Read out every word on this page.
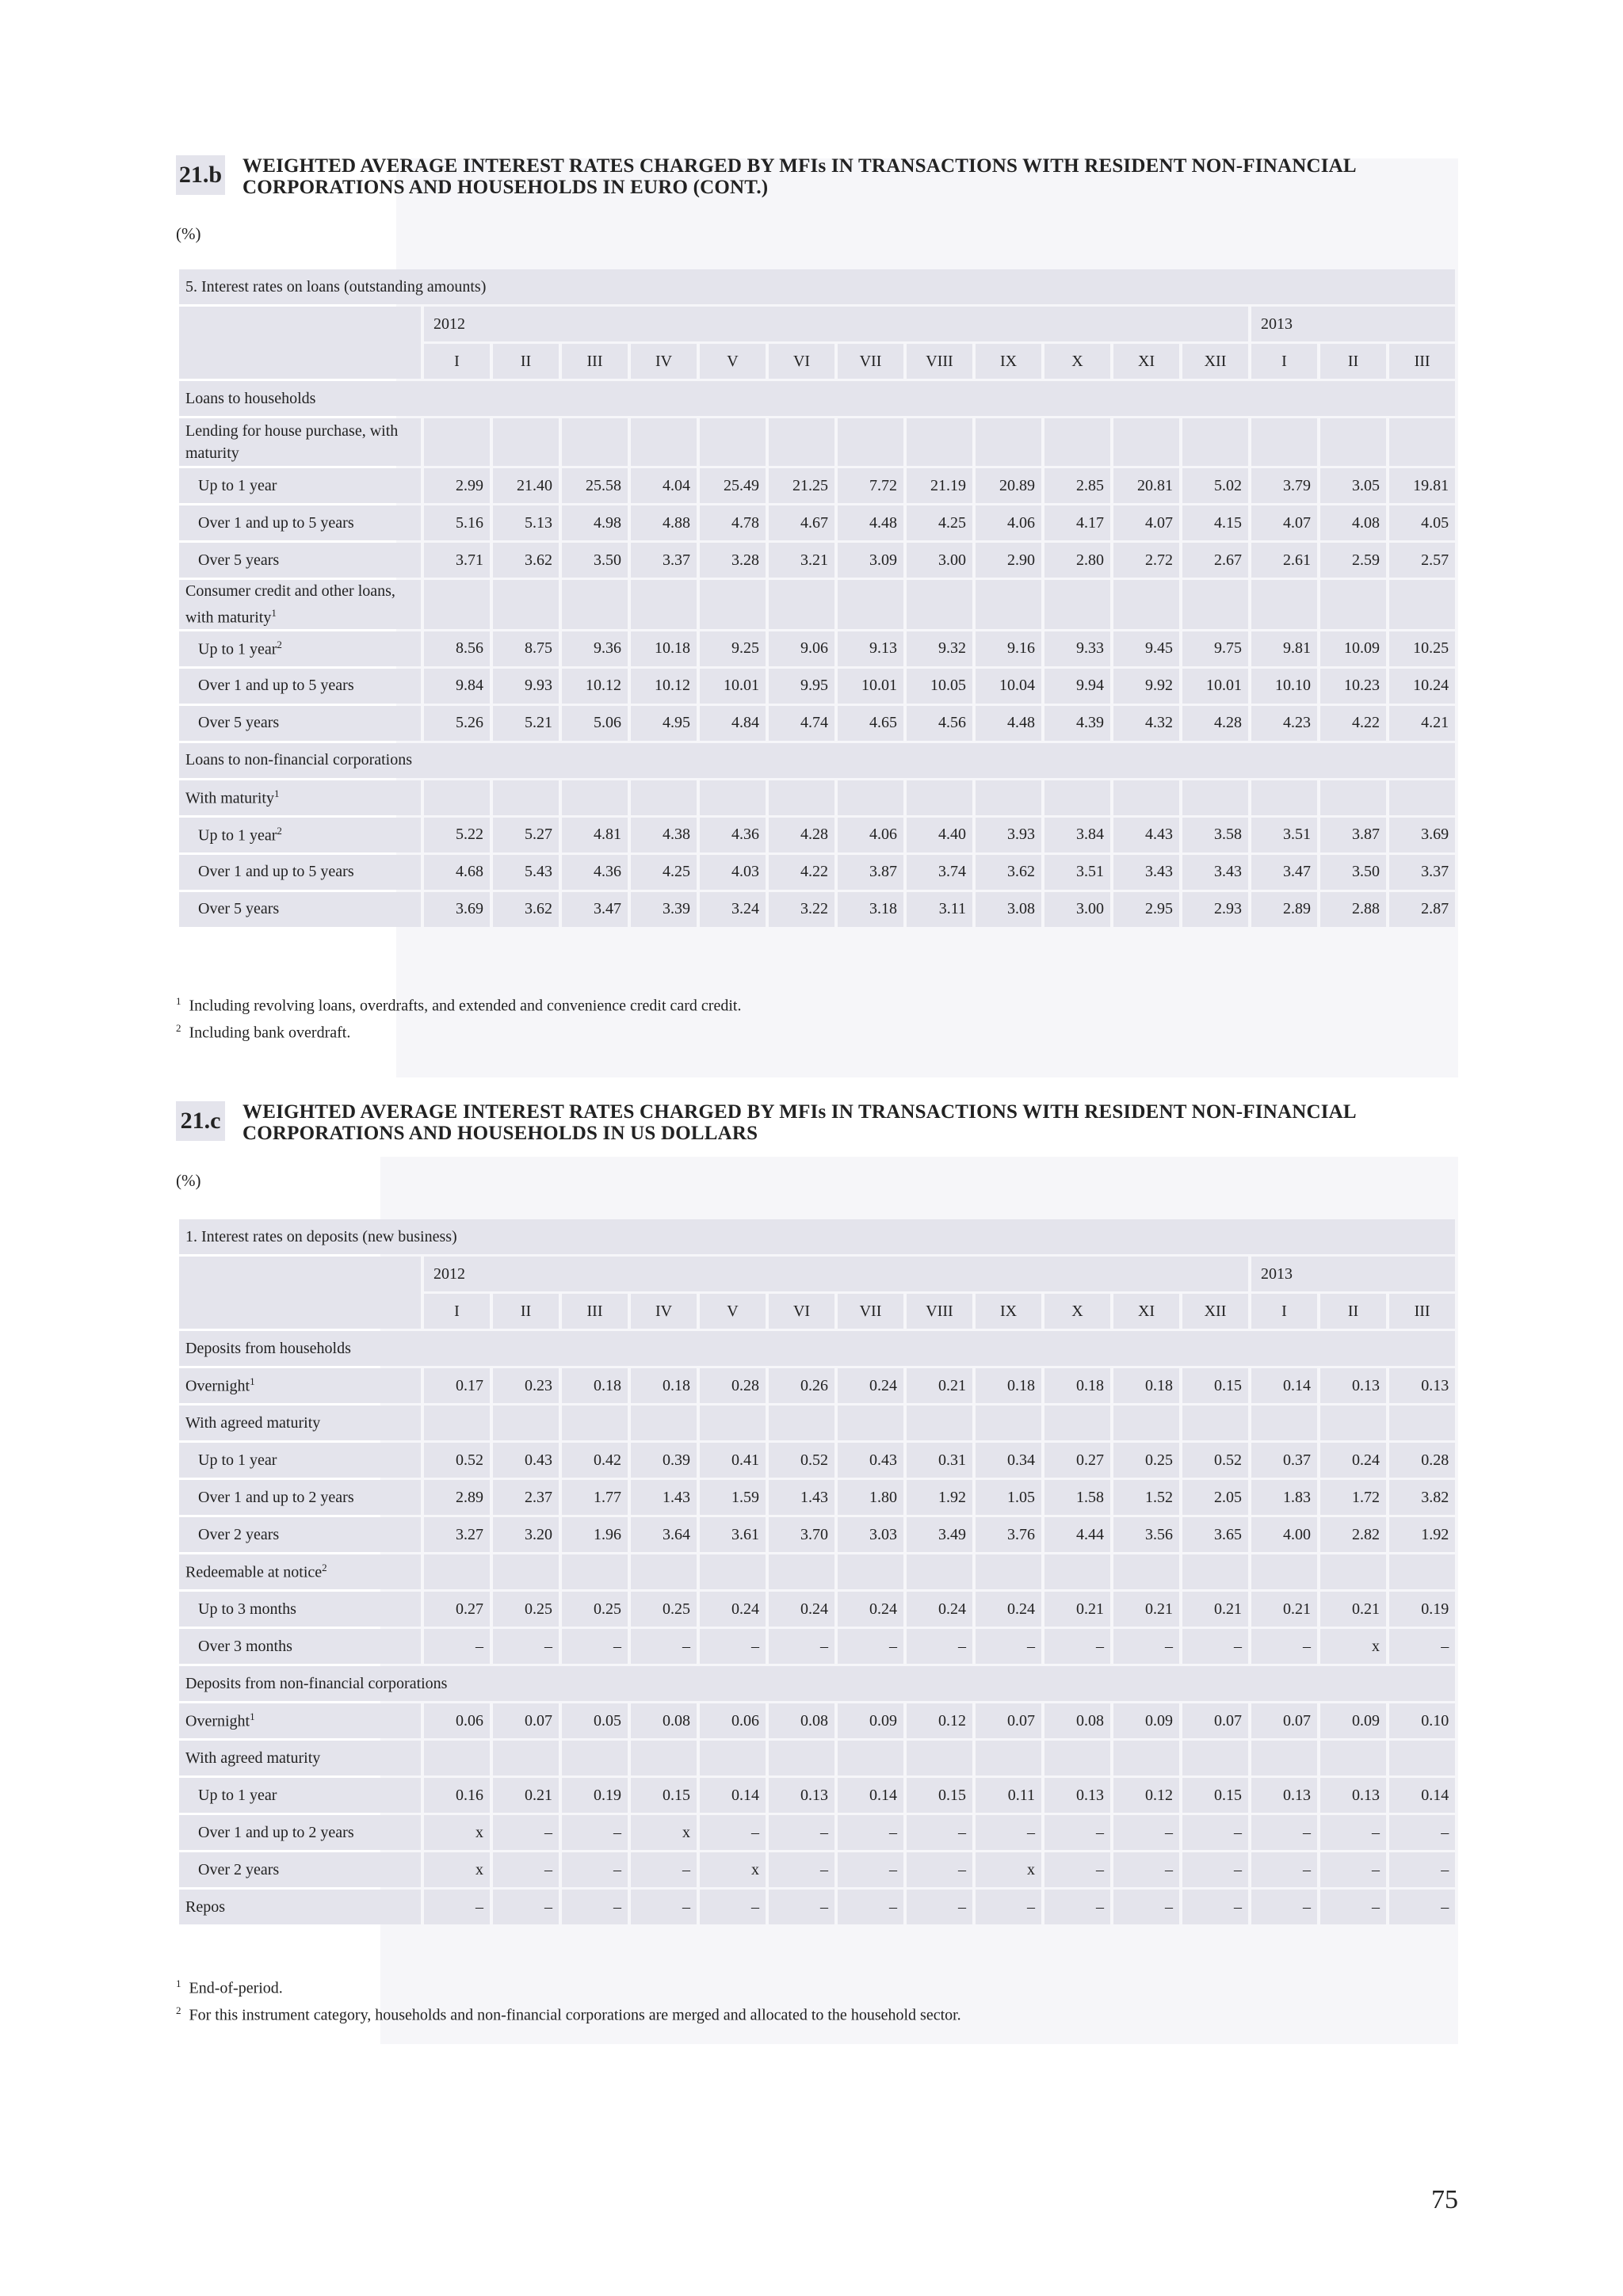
21.b WEIGHTED AVERAGE INTEREST RATES CHARGED BY MFIs IN TRANSACTIONS WITH RESIDENT NON-FINANCIAL
CORPORATIONS AND HOUSEHOLDS IN EURO (CONT.)
(%)
5. Interest rates on loans (outstanding amounts)															
	2012												2013		
	I	II	III	IV	V	VI	VII	VIII	IX	X	XI	XII	I	II	III
Loans to households															
Lending for house purchase, with maturity															
Up to 1 year	2.99	21.40	25.58	4.04	25.49	21.25	7.72	21.19	20.89	2.85	20.81	5.02	3.79	3.05	19.81
Over 1 and up to 5 years	5.16	5.13	4.98	4.88	4.78	4.67	4.48	4.25	4.06	4.17	4.07	4.15	4.07	4.08	4.05
Over 5 years	3.71	3.62	3.50	3.37	3.28	3.21	3.09	3.00	2.90	2.80	2.72	2.67	2.61	2.59	2.57
Consumer credit and other loans, with maturity$^1$															
Up to 1 year$^2$	8.56	8.75	9.36	10.18	9.25	9.06	9.13	9.32	9.16	9.33	9.45	9.75	9.81	10.09	10.25
Over 1 and up to 5 years	9.84	9.93	10.12	10.12	10.01	9.95	10.01	10.05	10.04	9.94	9.92	10.01	10.10	10.23	10.24
Over 5 years	5.26	5.21	5.06	4.95	4.84	4.74	4.65	4.56	4.48	4.39	4.32	4.28	4.23	4.22	4.21
Loans to non-financial corporations															
With maturity$^1$															
Up to 1 year$^2$	5.22	5.27	4.81	4.38	4.36	4.28	4.06	4.40	3.93	3.84	4.43	3.58	3.51	3.87	3.69
Over 1 and up to 5 years	4.68	5.43	4.36	4.25	4.03	4.22	3.87	3.74	3.62	3.51	3.43	3.43	3.47	3.50	3.37
Over 5 years	3.69	3.62	3.47	3.39	3.24	3.22	3.18	3.11	3.08	3.00	2.95	2.93	2.89	2.88	2.87
$^1$ Including revolving loans, overdrafts, and extended and convenience credit card credit.
$^2$ Including bank overdraft.
21.c WEIGHTED AVERAGE INTEREST RATES CHARGED BY MFIs IN TRANSACTIONS WITH RESIDENT NON-FINANCIAL
CORPORATIONS AND HOUSEHOLDS IN US DOLLARS
(%)
1. Interest rates on deposits (new business)															
	2012												2013		
	I	II	III	IV	V	VI	VII	VIII	IX	X	XI	XII	I	II	III
Deposits from households															
Overnight$^1$	0.17	0.23	0.18	0.18	0.28	0.26	0.24	0.21	0.18	0.18	0.18	0.15	0.14	0.13	0.13
With agreed maturity															
Up to 1 year	0.52	0.43	0.42	0.39	0.41	0.52	0.43	0.31	0.34	0.27	0.25	0.52	0.37	0.24	0.28
Over 1 and up to 2 years	2.89	2.37	1.77	1.43	1.59	1.43	1.80	1.92	1.05	1.58	1.52	2.05	1.83	1.72	3.82
Over 2 years	3.27	3.20	1.96	3.64	3.61	3.70	3.03	3.49	3.76	4.44	3.56	3.65	4.00	2.82	1.92
Redeemable at notice$^2$															
Up to 3 months	0.27	0.25	0.25	0.25	0.24	0.24	0.24	0.24	0.24	0.21	0.21	0.21	0.21	0.21	0.19
Over 3 months	–	–	–	–	–	–	–	–	–	–	–	–	–	x	–
Deposits from non-financial corporations															
Overnight$^1$	0.06	0.07	0.05	0.08	0.06	0.08	0.09	0.12	0.07	0.08	0.09	0.07	0.07	0.09	0.10
With agreed maturity															
Up to 1 year	0.16	0.21	0.19	0.15	0.14	0.13	0.14	0.15	0.11	0.13	0.12	0.15	0.13	0.13	0.14
Over 1 and up to 2 years	x	–	–	x	–	–	–	–	–	–	–	–	–	–	–
Over 2 years	x	–	–	–	x	–	–	–	x	–	–	–	–	–	–
Repos	–	–	–	–	–	–	–	–	–	–	–	–	–	–	–
$^1$ End-of-period.
$^2$ For this instrument category, households and non-financial corporations are merged and allocated to the household sector.
75
